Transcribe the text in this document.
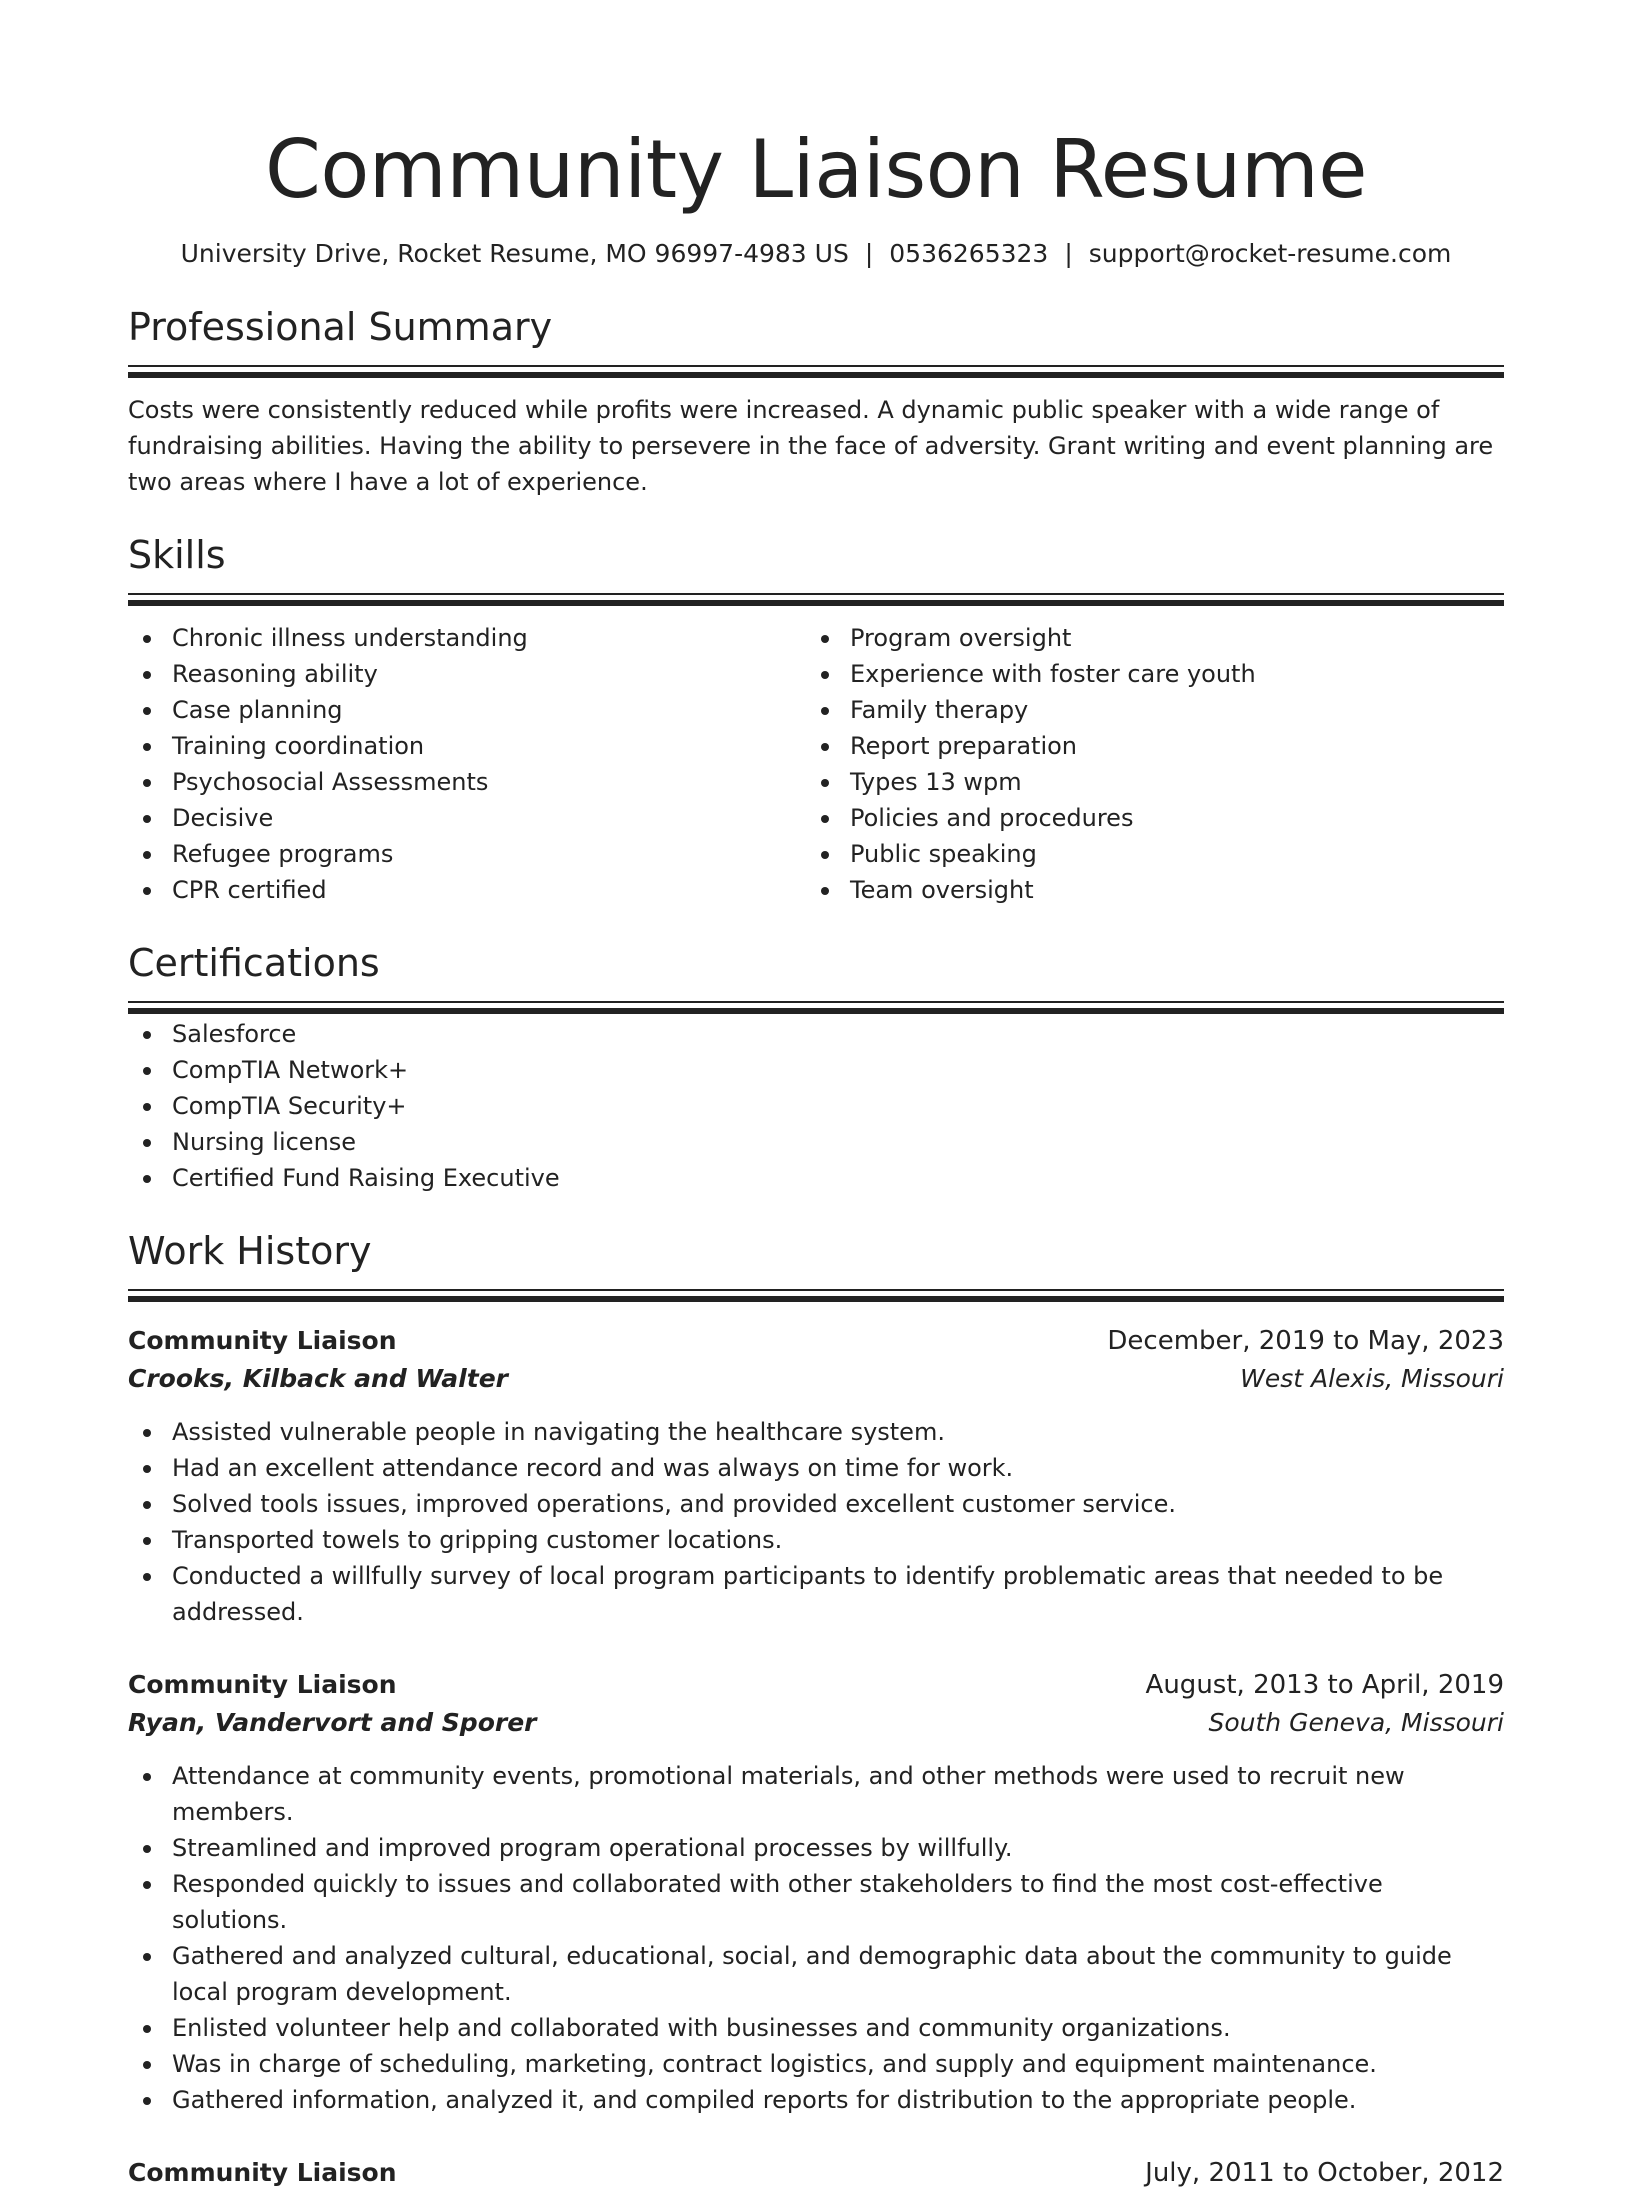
Community Liaison Resume
University Drive, Rocket Resume, MO 96997-4983 US | 0536265323 | support@rocket-resume.com
Professional Summary

Costs were consistently reduced while profits were increased. A dynamic public speaker with a wide range of fundraising abilities. Having the ability to persevere in the face of adversity. Grant writing and event planning are two areas where I have a lot of experience.

Skills
Chronic illness understanding
Reasoning ability
Case planning
Training coordination
Psychosocial Assessments
Decisive
Refugee programs
CPR certified
Program oversight
Experience with foster care youth
Family therapy
Report preparation
Types 13 wpm
Policies and procedures
Public speaking
Team oversight
Certifications
Salesforce
CompTIA Network+
CompTIA Security+
Nursing license
Certified Fund Raising Executive
Work History
Community Liaison	December, 2019 to May, 2023
Crooks, Kilback and Walter	West Alexis, Missouri
Assisted vulnerable people in navigating the healthcare system.
Had an excellent attendance record and was always on time for work.
Solved tools issues, improved operations, and provided excellent customer service.
Transported towels to gripping customer locations.
Conducted a willfully survey of local program participants to identify problematic areas that needed to be addressed.
Community Liaison	August, 2013 to April, 2019
Ryan, Vandervort and Sporer	South Geneva, Missouri
Attendance at community events, promotional materials, and other methods were used to recruit new members.
Streamlined and improved program operational processes by willfully.
Responded quickly to issues and collaborated with other stakeholders to find the most cost-effective solutions.
Gathered and analyzed cultural, educational, social, and demographic data about the community to guide local program development.
Enlisted volunteer help and collaborated with businesses and community organizations.
Was in charge of scheduling, marketing, contract logistics, and supply and equipment maintenance.
Gathered information, analyzed it, and compiled reports for distribution to the appropriate people.
Community Liaison	July, 2011 to October, 2012
